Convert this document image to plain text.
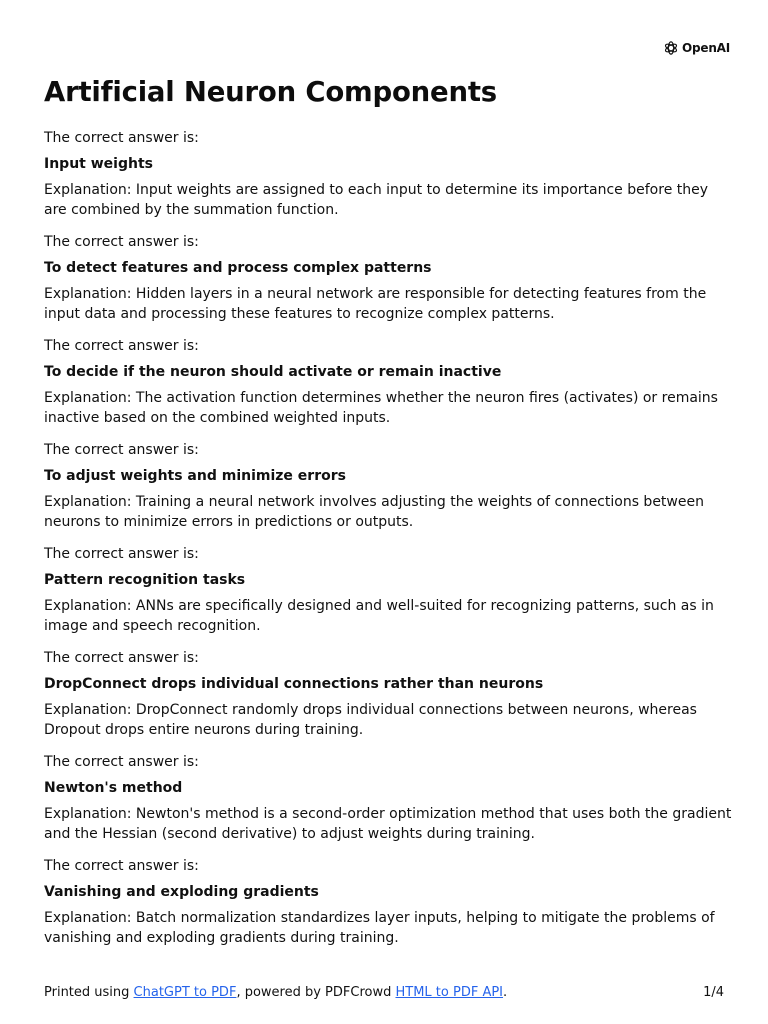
OpenAI
Artificial Neuron Components

The correct answer is:

Input weights

Explanation: Input weights are assigned to each input to determine its importance before they are combined by the summation function.

The correct answer is:

To detect features and process complex patterns

Explanation: Hidden layers in a neural network are responsible for detecting features from the input data and processing these features to recognize complex patterns.

The correct answer is:

To decide if the neuron should activate or remain inactive

Explanation: The activation function determines whether the neuron fires (activates) or remains inactive based on the combined weighted inputs.

The correct answer is:

To adjust weights and minimize errors

Explanation: Training a neural network involves adjusting the weights of connections between neurons to minimize errors in predictions or outputs.

The correct answer is:

Pattern recognition tasks

Explanation: ANNs are specifically designed and well-suited for recognizing patterns, such as in image and speech recognition.

The correct answer is:

DropConnect drops individual connections rather than neurons

Explanation: DropConnect randomly drops individual connections between neurons, whereas Dropout drops entire neurons during training.

The correct answer is:

Newton's method

Explanation: Newton's method is a second-order optimization method that uses both the gradient and the Hessian (second derivative) to adjust weights during training.

The correct answer is:

Vanishing and exploding gradients

Explanation: Batch normalization standardizes layer inputs, helping to mitigate the problems of vanishing and exploding gradients during training.

Printed using ChatGPT to PDF, powered by PDFCrowd HTML to PDF API.	1/4
